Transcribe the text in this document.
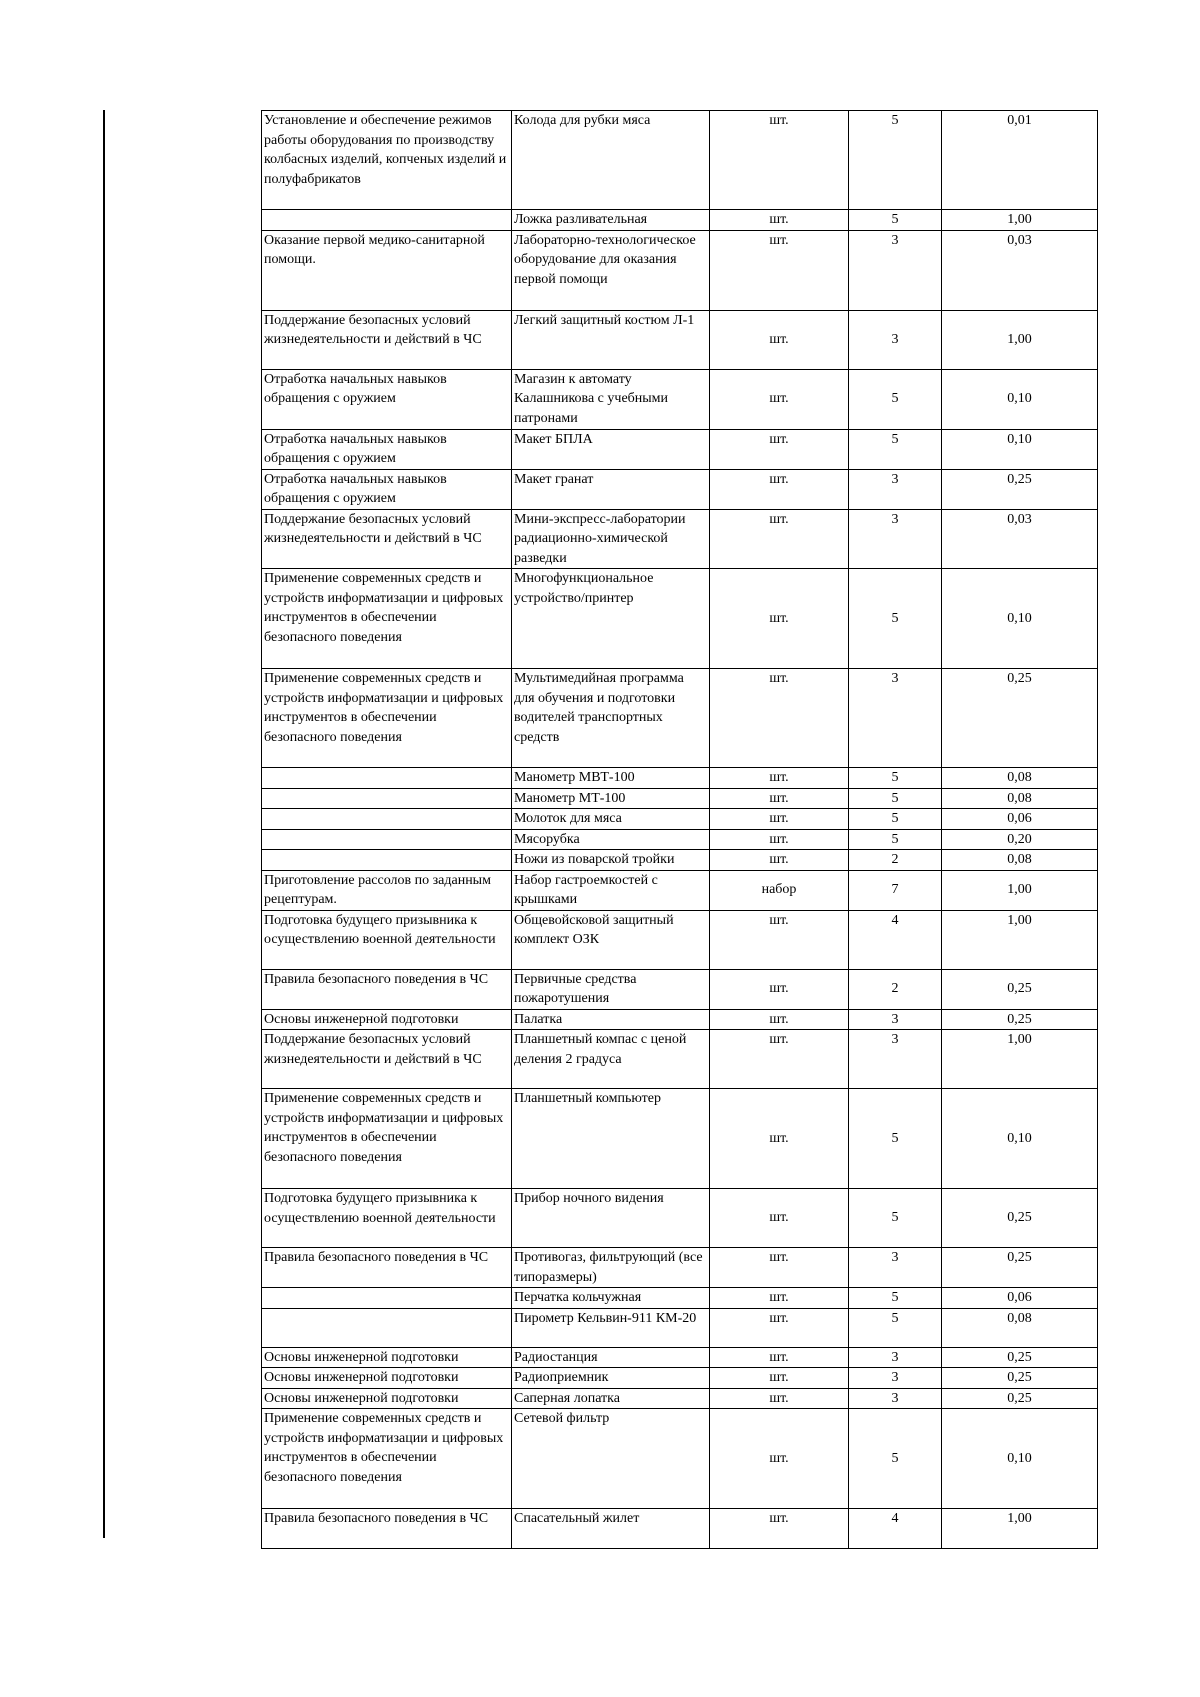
Установление и обеспечение режимов работы оборудования по производству колбасных изделий, копченых изделий и полуфабрикатов	Колода для рубки мяса	шт.	5	0,01
	Ложка разливательная	шт.	5	1,00
Оказание первой медико-санитарной помощи.	Лабораторно-технологическое оборудование для оказания первой помощи	шт.	3	0,03
Поддержание безопасных условий жизнедеятельности и действий в ЧС	Легкий защитный костюм Л-1	шт.	3	1,00
Отработка начальных навыков обращения с оружием	Магазин к автомату Калашникова с учебными патронами	шт.	5	0,10
Отработка начальных навыков обращения с оружием	Макет БПЛА	шт.	5	0,10
Отработка начальных навыков обращения с оружием	Макет гранат	шт.	3	0,25
Поддержание безопасных условий жизнедеятельности и действий в ЧС	Мини-экспресс-лаборатории радиационно-химической разведки	шт.	3	0,03
Применение современных средств и устройств информатизации и цифровых инструментов в обеспечении безопасного поведения	Многофункциональное устройство/принтер	шт.	5	0,10
Применение современных средств и устройств информатизации и цифровых инструментов в обеспечении безопасного поведения	Мультимедийная программа для обучения и подготовки водителей транспортных средств	шт.	3	0,25
	Манометр МВТ-100	шт.	5	0,08
	Манометр МТ-100	шт.	5	0,08
	Молоток для мяса	шт.	5	0,06
	Мясорубка	шт.	5	0,20
	Ножи из поварской тройки	шт.	2	0,08
Приготовление рассолов по заданным рецептурам.	Набор гастроемкостей с крышками	набор	7	1,00
Подготовка будущего призывника к осуществлению военной деятельности	Общевойсковой защитный комплект ОЗК	шт.	4	1,00
Правила безопасного поведения в ЧС	Первичные средства пожаротушения	шт.	2	0,25
Основы инженерной подготовки	Палатка	шт.	3	0,25
Поддержание безопасных условий жизнедеятельности и действий в ЧС	Планшетный компас с ценой деления 2 градуса	шт.	3	1,00
Применение современных средств и устройств информатизации и цифровых инструментов в обеспечении безопасного поведения	Планшетный компьютер	шт.	5	0,10
Подготовка будущего призывника к осуществлению военной деятельности	Прибор ночного видения	шт.	5	0,25
Правила безопасного поведения в ЧС	Противогаз, фильтрующий (все типоразмеры)	шт.	3	0,25
	Перчатка кольчужная	шт.	5	0,06
	Пирометр Кельвин-911 КМ-20	шт.	5	0,08
Основы инженерной подготовки	Радиостанция	шт.	3	0,25
Основы инженерной подготовки	Радиоприемник	шт.	3	0,25
Основы инженерной подготовки	Саперная лопатка	шт.	3	0,25
Применение современных средств и устройств информатизации и цифровых инструментов в обеспечении безопасного поведения	Сетевой фильтр	шт.	5	0,10
Правила безопасного поведения в ЧС	Спасательный жилет	шт.	4	1,00
